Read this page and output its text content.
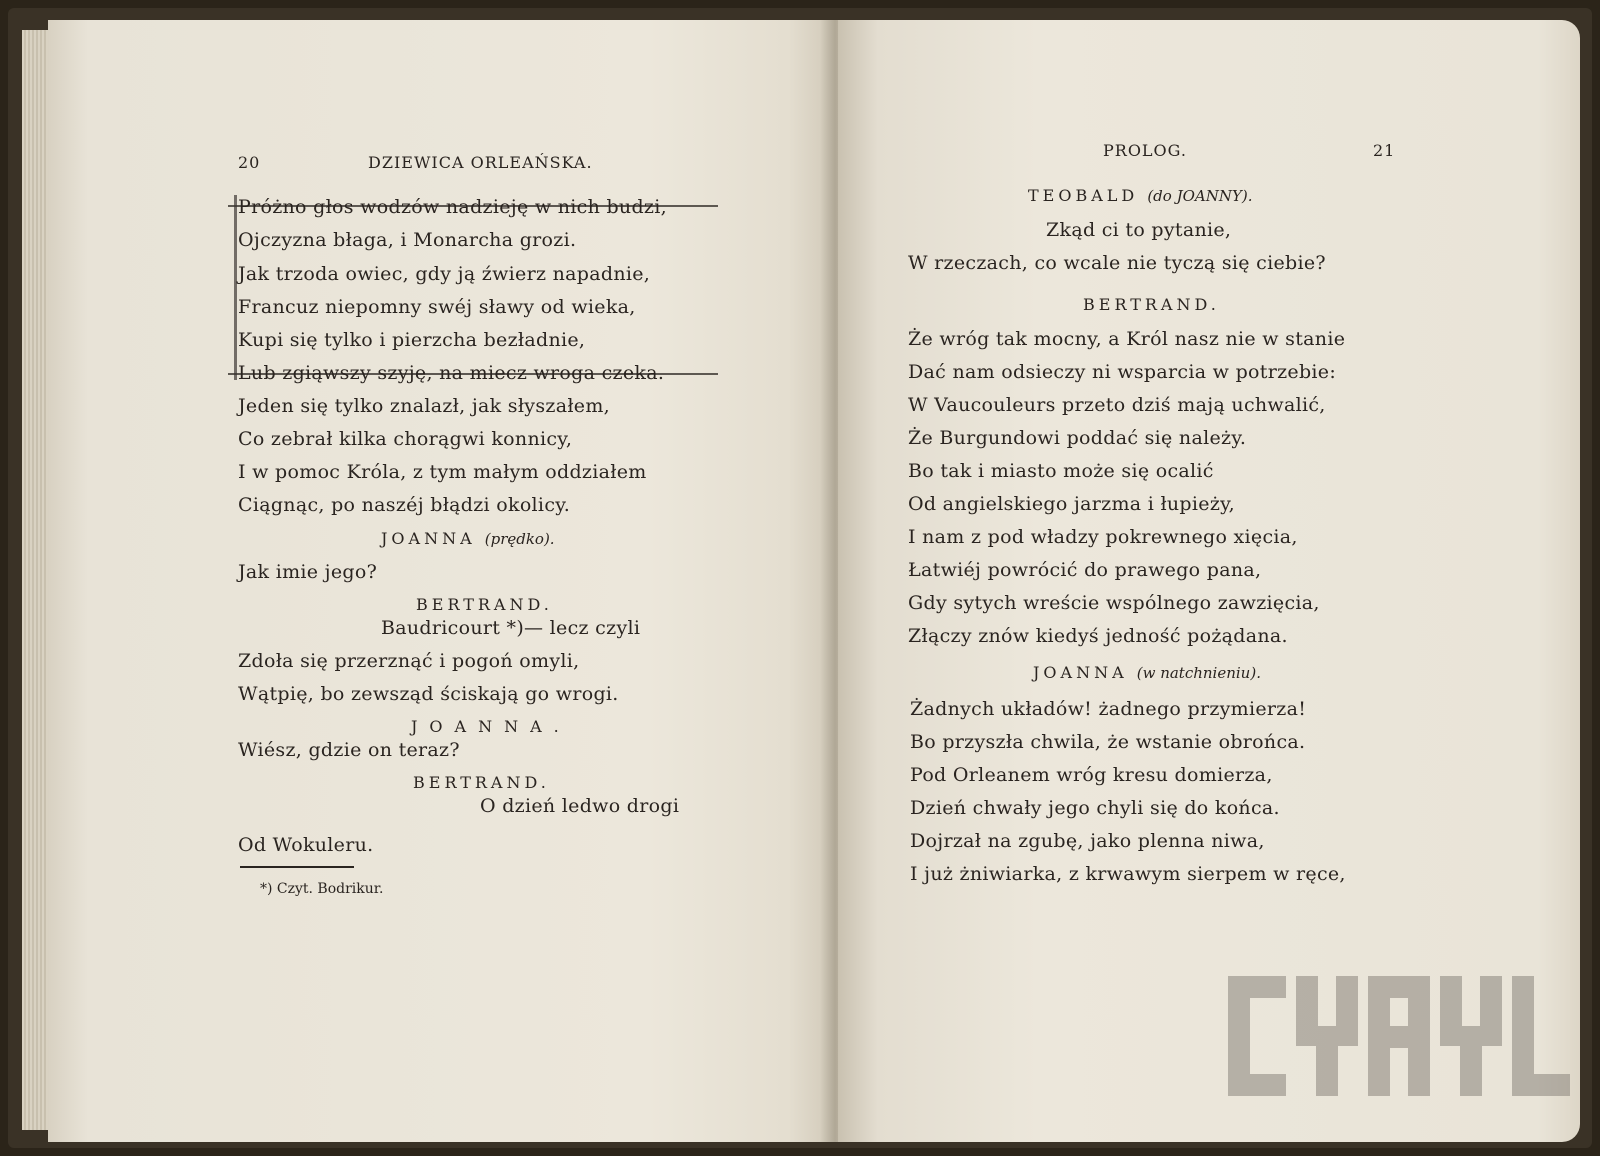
20	DZIEWICA ORLEAŃSKA.
Próżno głos wodzów nadzieję w nich budzi,
Ojczyzna błaga, i Monarcha grozi.
Jak trzoda owiec, gdy ją źwierz napadnie,
Francuz niepomny swéj sławy od wieka,
Kupi się tylko i pierzcha bezładnie,
Lub zgiąwszy szyję, na miecz wroga czeka.
Jeden się tylko znalazł, jak słyszałem,
Co zebrał kilka chorągwi konnicy,
I w pomoc Króla, z tym małym oddziałem
Ciągnąc, po naszéj błądzi okolicy.
JOANNA (prędko).
Jak imie jego?
BERTRAND.
Baudricourt *)— lecz czyli
Zdoła się przerznąć i pogoń omyli,
Wątpię, bo zewsząd ściskają go wrogi.
JOANNA.
Wiész, gdzie on teraz?
BERTRAND.
O dzień ledwo drogi
Od Wokuleru.
*) Czyt. Bodrikur.
PROLOG.	21
TEOBALD (do JOANNY).
Zkąd ci to pytanie,
W rzeczach, co wcale nie tyczą się ciebie?
BERTRAND.
Że wróg tak mocny, a Król nasz nie w stanie
Dać nam odsieczy ni wsparcia w potrzebie:
W Vaucouleurs przeto dziś mają uchwalić,
Że Burgundowi poddać się należy.
Bo tak i miasto może się ocalić
Od angielskiego jarzma i łupieży,
I nam z pod władzy pokrewnego xięcia,
Łatwiéj powrócić do prawego pana,
Gdy sytych wreście wspólnego zawzięcia,
Złączy znów kiedyś jedność pożądana.
JOANNA (w natchnieniu).
Żadnych układów! żadnego przymierza!
Bo przyszła chwila, że wstanie obrońca.
Pod Orleanem wróg kresu domierza,
Dzień chwały jego chyli się do końca.
Dojrzał na zgubę, jako plenna niwa,
I już żniwiarka, z krwawym sierpem w ręce,
